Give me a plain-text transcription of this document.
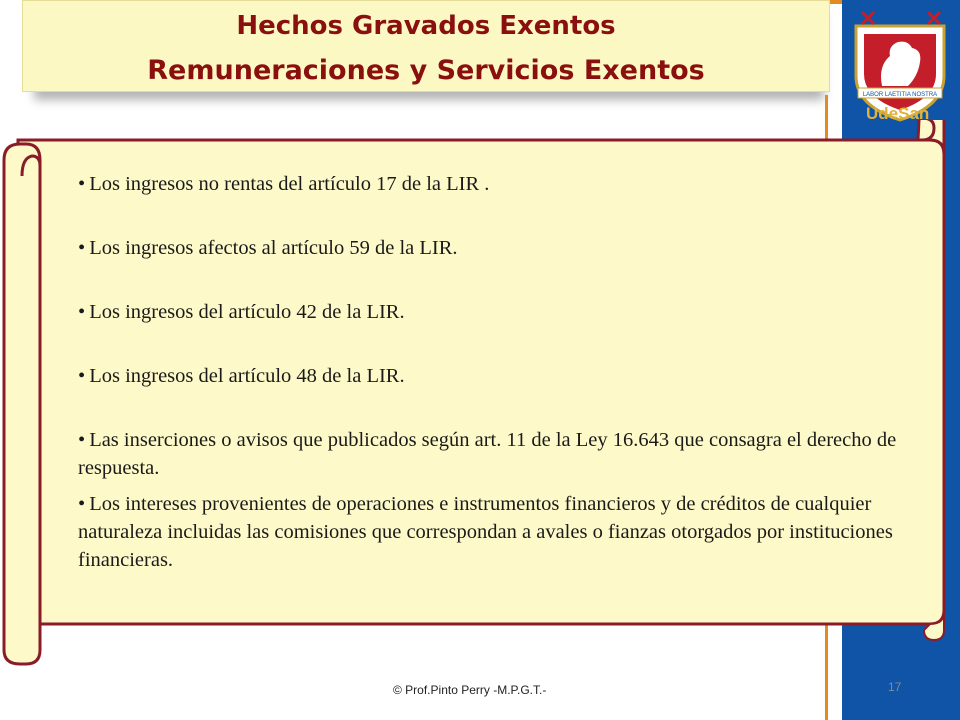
LABOR LAETITIA NOSTRA
UdeSan
Hechos Gravados Exentos
Remuneraciones y Servicios Exentos
• Los ingresos no rentas del artículo 17 de la LIR .
• Los ingresos afectos al artículo 59 de la LIR.
• Los ingresos del artículo 42 de la LIR.
• Los ingresos del artículo 48 de la LIR.
• Las inserciones o avisos que publicados según art. 11 de la Ley 16.643 que consagra el derecho de respuesta.
• Los intereses provenientes de operaciones e instrumentos financieros y de créditos de cualquier naturaleza incluidas las comisiones que correspondan a avales o fianzas otorgados por instituciones financieras.
© Prof.Pinto Perry -M.P.G.T.-	17
